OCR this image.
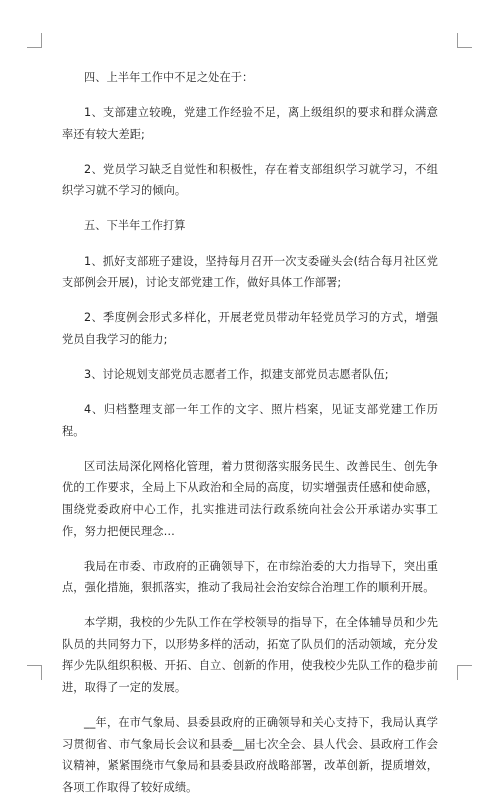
四、上半年工作中不足之处在于：

1、支部建立较晚，党建工作经验不足，离上级组织的要求和群众满意率还有较大差距;

2、党员学习缺乏自觉性和积极性，存在着支部组织学习就学习，不组织学习就不学习的倾向。

五、下半年工作打算

1、抓好支部班子建设，坚持每月召开一次支委碰头会(结合每月社区党支部例会开展)，讨论支部党建工作，做好具体工作部署;

2、季度例会形式多样化，开展老党员带动年轻党员学习的方式，增强党员自我学习的能力;

3、讨论规划支部党员志愿者工作，拟建支部党员志愿者队伍;

4、归档整理支部一年工作的文字、照片档案，见证支部党建工作历程。

区司法局深化网格化管理，着力贯彻落实服务民生、改善民生、创先争优的工作要求，全局上下从政治和全局的高度，切实增强责任感和使命感，围绕党委政府中心工作，扎实推进司法行政系统向社会公开承诺办实事工作，努力把便民理念…

我局在市委、市政府的正确领导下，在市综治委的大力指导下，突出重点，强化措施，狠抓落实，推动了我局社会治安综合治理工作的顺利开展。

本学期，我校的少先队工作在学校领导的指导下，在全体辅导员和少先队员的共同努力下，以形势多样的活动，拓宽了队员们的活动领域，充分发挥少先队组织积极、开拓、自立、创新的作用，使我校少先队工作的稳步前进，取得了一定的发展。

__年，在市气象局、县委县政府的正确领导和关心支持下，我局认真学习贯彻省、市气象局长会议和县委__届七次全会、县人代会、县政府工作会议精神，紧紧围绕市气象局和县委县政府战略部署，改革创新，提质增效，各项工作取得了较好成绩。
